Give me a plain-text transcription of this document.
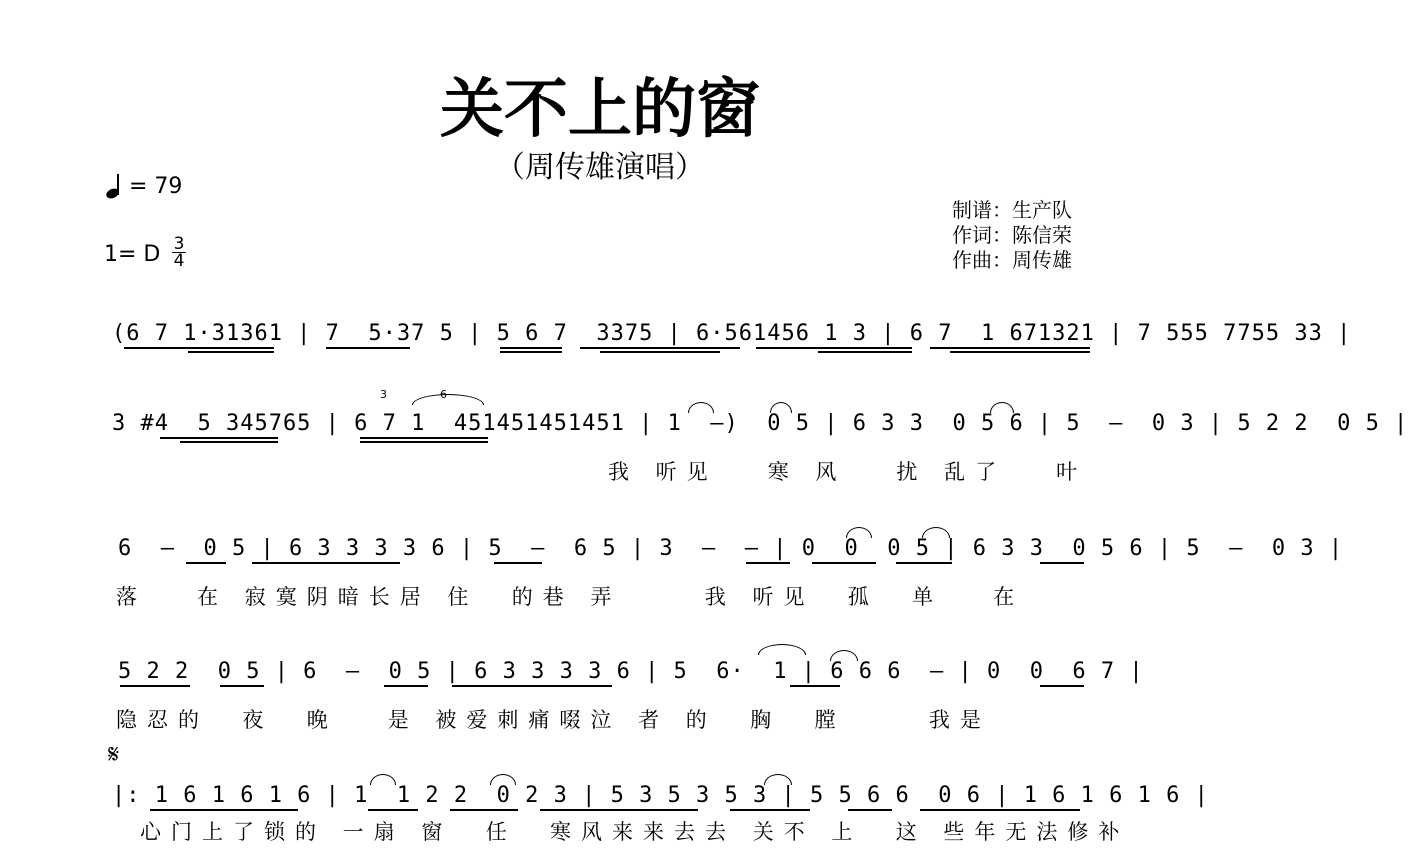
关不上的窗
（周传雄演唱）
= 79
1= D $\frac{3}{4}$
制谱：生产队
作词：陈信荣
作曲：周传雄
(6 7 1·31361 | 7  5·37 5 | 5 6 7  3375 | 6·561456 1 3 | 6 7  1 671321 | 7 555 7755 33 |
3 #4  5 345765 | 6 7 1  451451451451 | 1  –)  0 5 | 6 3 3  0 5 6 | 5  –  0 3 | 5 2 2  0 5 |
3	6
我 听见   寒 风   扰 乱了   叶
6  –  0 5 | 6 3 3 3 3 6 | 5  –  6 5 | 3  –  – | 0  0  0 5 | 6 3 3  0 5 6 | 5  –  0 3 |
落   在 寂寞阴暗长居 住  的巷 弄     我 听见  孤  单   在
5 2 2  0 5 | 6  –  0 5 | 6 3 3 3 3 6 | 5  6·  1 | 6 6 6  – | 0  0  6 7 |
隐忍的  夜  晚   是 被爱刺痛啜泣 者 的  胸  膛     我是
𝄋
|: 1 6 1 6 1 6 | 1  1 2 2  0 2 3 | 5 3 5 3 5 3 | 5 5 6 6  0 6 | 1 6 1 6 1 6 |
心门上了锁的 一扇 窗  任  寒风来来去去 关不 上  这 些年无法修补
